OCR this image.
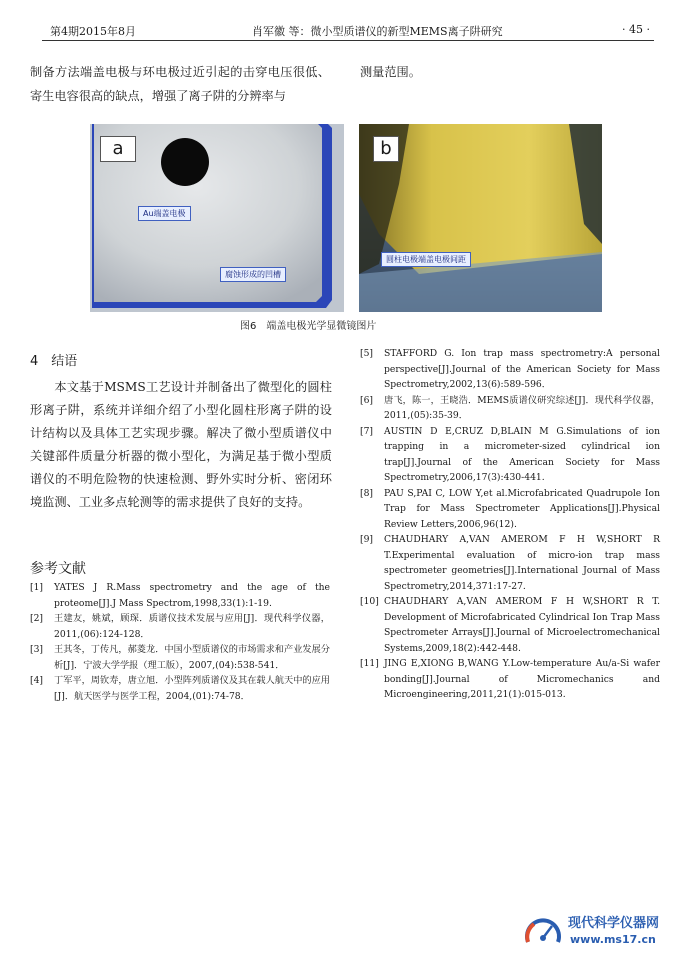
第4期2015年8月	肖军徽 等：微小型质谱仪的新型MEMS离子阱研究	· 45 ·
制备方法端盖电极与环电极过近引起的击穿电压很低、寄生电容很高的缺点，增强了离子阱的分辨率与
测量范围。
a
Au端盖电极
腐蚀形成的凹槽
b
圆柱电极端盖电极间距
图6　端盖电极光学显微镜图片
4　结语
本文基于MSMS工艺设计并制备出了微型化的圆柱形离子阱，系统并详细介绍了小型化圆柱形离子阱的设计结构以及具体工艺实现步骤。解决了微小型质谱仪中关键部件质量分析器的微小型化，为满足基于微小型质谱仪的不明危险物的快速检测、野外实时分析、密闭环境监测、工业多点轮测等的需求提供了良好的支持。
参考文献

[1] YATES J R.Mass spectrometry and the age of the proteome[J].J Mass Spectrom,1998,33(1):1-19.

[2] 王建友，姚斌，顾琛．质谱仪技术发展与应用[J]．现代科学仪器，2011,(06):124-128．

[3] 王其冬，丁传凡，郝菱龙．中国小型质谱仪的市场需求和产业发展分析[J]．宁波大学学报（理工版），2007,(04):538-541．

[4] 丁军平，周钦寿，唐立旭．小型阵列质谱仪及其在载人航天中的应用[J]．航天医学与医学工程，2004,(01):74-78．

[5] STAFFORD G. Ion trap mass spectrometry:A personal perspective[J].Journal of the American Society for Mass Spectrometry,2002,13(6):589-596．

[6] 唐飞，陈一，王晓浩．MEMS质谱仪研究综述[J]．现代科学仪器，2011,(05):35-39．

[7] AUSTIN D E,CRUZ D,BLAIN M G.Simulations of ion trapping in a micrometer-sized cylindrical ion trap[J].Journal of the American Society for Mass Spectrometry,2006,17(3):430-441.

[8] PAU S,PAI C, LOW Y,et al.Microfabricated Quadrupole Ion Trap for Mass Spectrometer Applications[J].Physical Review Letters,2006,96(12).

[9] CHAUDHARY A,VAN AMEROM F H W,SHORT R T.Experimental evaluation of micro-ion trap mass spectrometer geometries[J].International Journal of Mass Spectrometry,2014,371:17-27.

[10] CHAUDHARY A,VAN AMEROM F H W,SHORT R T. Development of Microfabricated Cylindrical Ion Trap Mass Spectrometer Arrays[J].Journal of Microelectromechanical Systems,2009,18(2):442-448.

[11] JING E,XIONG B,WANG Y.Low-temperature Au/a-Si wafer bonding[J].Journal of Micromechanics and Microengineering,2011,21(1):015-013.

现代科学仪器网
www.ms17.cn
